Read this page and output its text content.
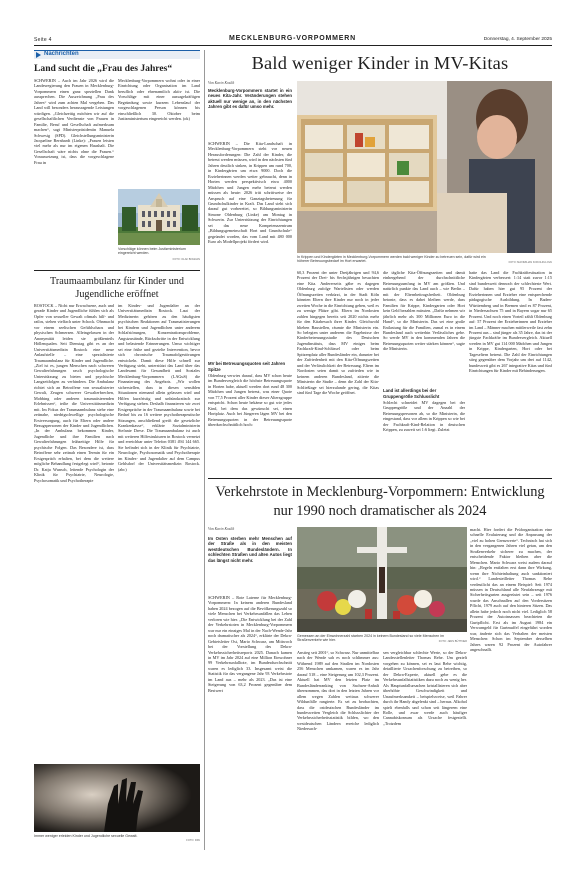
Seite 4	MECKLENBURG-VORPOMMERN	Donnerstag, 4. September 2025
Nachrichten
Land sucht die „Frau des Jahres“
SCHWERIN – Auch im Jahr 2026 wird die Landesregierung den Frauen in Mecklenburg-Vorpommern einen ganz speziellen Dank aussprechen. Die Auszeichnung „Frau des Jahres“ wird zum achten Mal vergeben. Das Land will besonders herausragende Leistungen würdigen. „Gleichzeitig möchten wir auf die gesellschaftlichen Verdienste von Frauen in Familie, Beruf und Gesellschaft aufmerksam machen“, sagt Ministerpräsidentin Manuela Schwesig (SPD). Gleichstellungsministerin Jacqueline Bernhardt (Linke): „Frauen leisten viel mehr als nur im eigenen Haushalt. Die Gesellschaft wäre nichts ohne die Frauen.“ Voraussetzung ist, dass die vorgeschlagene Frau in
Mecklenburg-Vorpommern wohnt oder in einer Einrichtung oder Organisation im Land beruflich oder ehrenamtlich aktiv ist. Die Vorschläge mit einer aussagekräftigen Begründung sowie kurzem Lebenslauf der vorgeschlagenen Person können bis einschließlich 30. Oktober beim Justizministerium eingereicht werden. (ok)
Vorschläge können beim Justizministerium eingereicht werden.
FOTO: OLAF BOGDAN
Traumaambulanz für Kinder und Jugendliche eröffnet
ROSTOCK – Nicht nur Erwachsene, auch und gerade Kinder und Jugendliche fühlen sich als Opfer von sexueller Gewalt oftmals hilf- und ratlos, stehen vielfach unter Schock. Ohnmacht vor einem seelischen Gefühlschaos und physischen Schmerzen. Alleingelassen in der Anonymität leiden sie größtenteils Höllenqualen. Seit Dienstag gibt es an der Universitätsmedizin Rostock eine neue Anlaufstelle – eine spezialisierte Traumaambulanz für Kinder und Jugendliche. „Ziel ist es, jungen Menschen nach schweren Gewalterfahrungen rasch psychologische Unterstützung zu bieten und psychische Langzeitfolgen zu verhindern. Die Ambulanz richtet sich an Betroffene von sexualisierter Gewalt, Zeugen schwerer Gewalterbrechen, Mobbing oder anderen traumatisierenden Erlebnissen“, teilte die Universitätsmedizin mit. Im Fokus der Traumaambulanz stehe eine zeitnahe, niedrigschwellige psychologische Erstversorgung, auch für Eltern oder andere Bezugspersonen der Kinder und Jugendlichen. „In der Ambulanz bekommen Kinder, Jugendliche und ihre Familien nach Gewalterfahrungen frühzeitige Hilfe für psychische Folgen. Das Besondere ist, dass Betroffene sehr zeitnah einen Termin für ein Erstgespräch erhalten, bei dem die weitere mögliche Behandlung festgelegt wird“, betonte Dr. Katja Wunsch, leitende Psychologin der Klinik für Psychiatrie, Neurologie, Psychosomatik und Psychotherapie
im Kindes- und Jugendalter an der Universitätsmedizin Rostock. Laut der Medizinerin gehören zu den häufigsten psychischen Reaktionen auf Traumatisierungen bei Kindern und Jugendlichen unter anderem Schlafstörungen, Konzentrationsprobleme, Angstzustände, Rückschritte in der Entwicklung und belastende Erinnerungen. Umso wichtiger sei eine frühe und gezielte Intervention, bevor sich chronische Traumafolgestörungen entwickeln. Damit diese Hilfe schnell zur Verfügung steht, unterstützt das Land über das Landesamt für Gesundheit und Soziales Mecklenburg-Vorpommern (LAGuS) die Finanzierung des Angebots. „Wir wollen sicherstellen, dass in diesen sensiblen Situationen niemand allein gelassen wird und Hilfen kurzfristig und unbürokratisch zur Verfügung stehen. Deshalb finanzieren wir zwei Erstgespräche in der Traumaambulanz sowie bei Bedarf bis zu 16 weitere psychotherapeutische Sitzungen, anschließend greift die gesetzliche Krankenkasse“, erklärte Sozialministerin Stefanie Drese. Die Traumaambulanz ist auch mit weiteren Hilfestrukturen in Rostock vernetzt und erreichbar unter Telefon 0381 494 144 665. Sie befindet sich in der Klinik für Psychiatrie, Neurologie, Psychosomatik und Psychotherapie im Kindes- und Jugendalter auf dem Campus Gehlsdorf der Universitätsmedizin Rostock. (abc)
Immer weniger erleiden Kinder und Jugendliche sexuelle Gewalt.
FOTO: DPA
Bald weniger Kinder in MV-Kitas
Von Karin Koslik
Mecklenburg-Vorpommern startet in ein neues Kita-Jahr. Veränderungen stehen aktuell nur wenige an, in den nächsten Jahren gibt es dafür umso mehr.
SCHWERIN – Die Kita-Landschaft in Mecklenburg-Vorpommern steht vor neuen Herausforderungen: Die Zahl der Kinder, die betreut werden müssen, wird in den nächsten fünf Jahren deutlich sinken, in Krippen um rund 700, in Kindergärten um etwa 9000. Doch die Erzieherinnen werden weiter gebraucht, denn in Horten werden perspektivisch etwa 4000 Mädchen und Jungen mehr betreut werden müssen als heute: 2026 tritt schrittweise der Anspruch auf eine Ganztagsbetreuung für Grundschulkinder in Kraft. Das Land sieht sich darauf gut vorbereitet, so Bildungsministerin Simone Oldenburg (Linke) am Montag in Schwerin. Zur Unterstützung der Einrichtungen sei das neue Kompetenzzentrum „Bildungsgemeinschaft Hort und Grundschule“ gegründet worden, das vom Land mit 480 000 Euro als Modellprojekt fördert wird.
MV bei Betreuungsquoten seit Jahren Spitze
Oldenburg verwies darauf, dass MV schon heute im Bundesvergleich die höchste Betreuungsquote in Horten habe, aktuell werden dort rund 48 300 Mädchen und Jungen betreut, was einer Quote von 77,5 Prozent aller Kinder dieser Altersgruppe entspricht. Schon heute bekäme so gut wie jedes Kind, bei dem das gewünscht sei, einen Hortplatz. Auch bei Jüngeren lägen MV bei den Betreuungsquoten in der Betreuungsquote überdurchschnittlich hoch:
In Krippen und Kindergärten in Mecklenburg-Vorpommern werden bald weniger Kinder zu betreuen sein, dafür wird ein höherer Betreuungsbedarf im Hort erwartet.	FOTO: MAXIMILIAN KOKOLZULOVA
60,3 Prozent der unter Dreijährigen und 94,6 Prozent der Drei- bis Sechsjährigen besuchten eine Kita. Andererseits gäbe es dagegen Oldenburg zufolge Wartelisten oder werden Öffnungszeiten verkürzt, in der Stadt Köln könnten Eltern ihre Kinder nur noch in jeder zweiten Woche in die Einrichtung geben, weil es zu wenige Plätze gibt. Eltern im Nordosten zahlen hingegen bereits seit 2020 nichts mehr für den Kitabesuch ihrer Kinder. Gleichwohl blieben Baustellen, räumte die Ministerin ein. So belegten unter anderem die Ergebnisse der Kinderbetreuungsstudie des Deutschen Jugendinstituts, dass MV einiges beim Fachkraft-Kind-Schlüssel oder beim Spitzenplatz aller Bundesländer ein, darunter bei der Zufriedenheit mit den Kita-Öffnungszeiten und der Verlässlichkeit der Betreuung. Eltern im Nordosten seien damit so zufrieden wie in keinem anderen Bundesland, zitierte die Ministerin die Studie – denn die Zahl der Kita-Schließtage sei hierzulande gering, die Kitas sind fünf Tage die Woche geöffnet.
die tägliche Kita-Öffnungszeiten und damit einhergehend der durchschnittliche Betreuungsumfang in MV am größten. Und natürlich punkte das Land auch – wie Berlin – mit der Elternbeitragsfreiheit. Oldenburg betonte, dass es dabei bleiben werde, dass Familien für Krippe, Kindergarten oder Hort kein Geld bezahlen müssten. „Dafür nehmen wir jährlich mehr als 300 Millionen Euro in die Hand“, so die Ministerin. Das sei eine große Entlastung für die Familien, zumal es in einem Bundesland auch weiterhin Verlässliches gebe. So werde MV in den kommenden Jahren die Betreuungsquoten weiter stärken können“, sagte die Ministerin.
Land ist allerdings bei der Gruppengröße Schlusslicht
Schlecht schneidet MV dagegen bei der Gruppengröße und der Anzahl der Betreuungspersonen ab, so die Ministerin, die eingestand, dass vor allem in Krippen so wie bei der Fachkraft-Kind-Relation in deutschen Krippen, zu zuweit sei 1:6 liegt. Zuletzt
hatte das Land die Fachkräftesituation in Kindergärten verbessert: 1:14 statt zuvor 1:15 sind bundesweit dennoch der schlechteste Wert. Dafür haben hier gut 95 Prozent der Erzieherinnen und Erzieher eine entsprechende pädagogische Ausbildung. In Baden-Württemberg und in Bremen sind es 87 Prozent, in Niedersachsen 75 und in Bayern sogar nur 65 Prozent. Und noch einen Vorteil zählt Oldenburg auf: 57 Prozent der Erzieherinnen und Erzieher im Land – Männer machen mittlerweile fast zehn Prozent aus – sind jünger als 35 Jahre, das ist der jüngste Fachkräfte im Bundesvergleich. Aktuell werden in MV gut 114 000 Mädchen und Jungen in Krippe, Kindergarten, Hort oder bei Tageseltern betreut. Die Zahl der Einrichtungen stieg gegenüber dem Vorjahr um drei auf 1142, bundesweit gibt es 267 integrative Kitas und fünf Einrichtungen für Kinder mit Behinderungen.
Verkehrstote in Mecklenburg-Vorpommern: Entwicklung nur 1990 noch dramatischer als 2024
Von Karin Koslik
Im Osten sterben mehr Menschen auf der Straße als in den meisten westdeutschen Bundesländern. In schlechten Straßen und alten Autos liegt das längst nicht mehr.
SCHWERIN – Rote Laterne für Mecklenburg-Vorpommern: In keinem anderen Bundesland haben 2024 bezogen auf die Bevölkerungszahl so viele Menschen bei Verkehrsunfällen das Leben verloren wie hier. „Die Entwicklung bei der Zahl der Verkehrstoten in Mecklenburg-Vorpommern war nur ein einziges Mal in der Nach-Wende-Jahr noch dramatischer als 2024“, erklärte der Dekra-Gebietsleiter Ost, Mario Schwarz, am Mittwoch bei der Vorstellung des Dekra-Verkehrssicherheitsreports 2025. Danach kamen in MV im Jahr 2024 auf eine Million Einwohner 99 Verkehrsunfalltote, im Bundesdurchschnitt waren es lediglich 33. Insgesamt weist die Statistik für das vergangene Jahr 93 Verkehrstote im Land aus – mehr als 2023. „Das ist eine Steigerung von 63,2 Prozent gegenüber dem Bestwert
Gemessen an der Einwohnerzahl starben 2024 in keinem Bundesland so viele Menschen im Straßenverkehr wie hier.	FOTO: JENS BÜTTNER
Anstieg seit 2001“, so Schwarz. Nur unmittelbar nach der Wende sah es noch schlimmer aus: Während 1989 auf den Straßen im Nordosten 256 Menschen umkamen, waren es im Jahr darauf 518 – eine Steigerung um 102,3 Prozent. Aktuell hat MV den letzten Platz im Bundesländerranking von Sachsen-Anhalt übernommen, das dort in den letzten Jahren vor allem wegen Zahlen weitaus schwerer Wildunfälle rangierte. Es sei zu beobachten, dass die ostdeutschen Bundesländer im bundesweiten Vergleich die Schlusslichter der Verkehrssicherheitsstatistik bilden, wo den westdeutschen Ländern erreiche lediglich Niedersach-
sen vergleichbar schlechte Werte, so der Dekra-Landesstellenleiter Thomas Rehe. Um gezielt vorgehen zu können, sei es laut Rehe wichtig, detaillierte Ursachenforschung zu betreiben, so der Dekra-Experte, aktuell gebe es die Verkehrsunfallstatistiken dazu noch zu wenig her. Als Hauptunfallursachen kristallisieren sich aber überhöhte Geschwindigkeit und Unaufmerksamkeit – beispielsweise, weil Fahrer durch ihr Handy abgelenkt sind – heraus. Alkohol spielt ebenfalls und schon seit längerem eine Rolle, und zwar werde auch häufiger Cannabiskonsum als Ursache festgestellt. „Trotzdem
macht. Hier fordert die Prüforganisation eine schnelle Evaluierung und die Anpassung der „viel zu hohen Grenzwerte“. Technisch hat sich in den vergangenen Jahren viel getan, um den Straßenverkehr sicherer zu machen, der entscheidende Faktor bleiben aber die Menschen. Mario Schwarz weist zudem darauf hin: „Regeln entfalten erst dann ihre Wirkung, wenn ihre Nichteinhaltung auch sanktioniert wird.“ Landesteilleiter Thomas Rehe verdeutlicht das an einem Beispiel: Seit 1974 müssen in Deutschland alle Neufahrzeuge mit Sicherheitsgurten ausgerüstet sein – seit 1976 wurde das Anschnallen auf den Vordersitzen Pflicht, 1979 auch auf den hinteren Sitzen. Das allein habe jedoch noch nicht viel. Lediglich 58 Prozent der Autoinsassen beachteten die Gurtpflicht. Erst als im August 1984 ein Verwarngeld für Gurtmuffel eingeführt worden war, änderte sich das Verhalten der meisten Menschen: Schon im September desselben Jahres waren 92 Prozent der Autofahrer angeschnallt.
